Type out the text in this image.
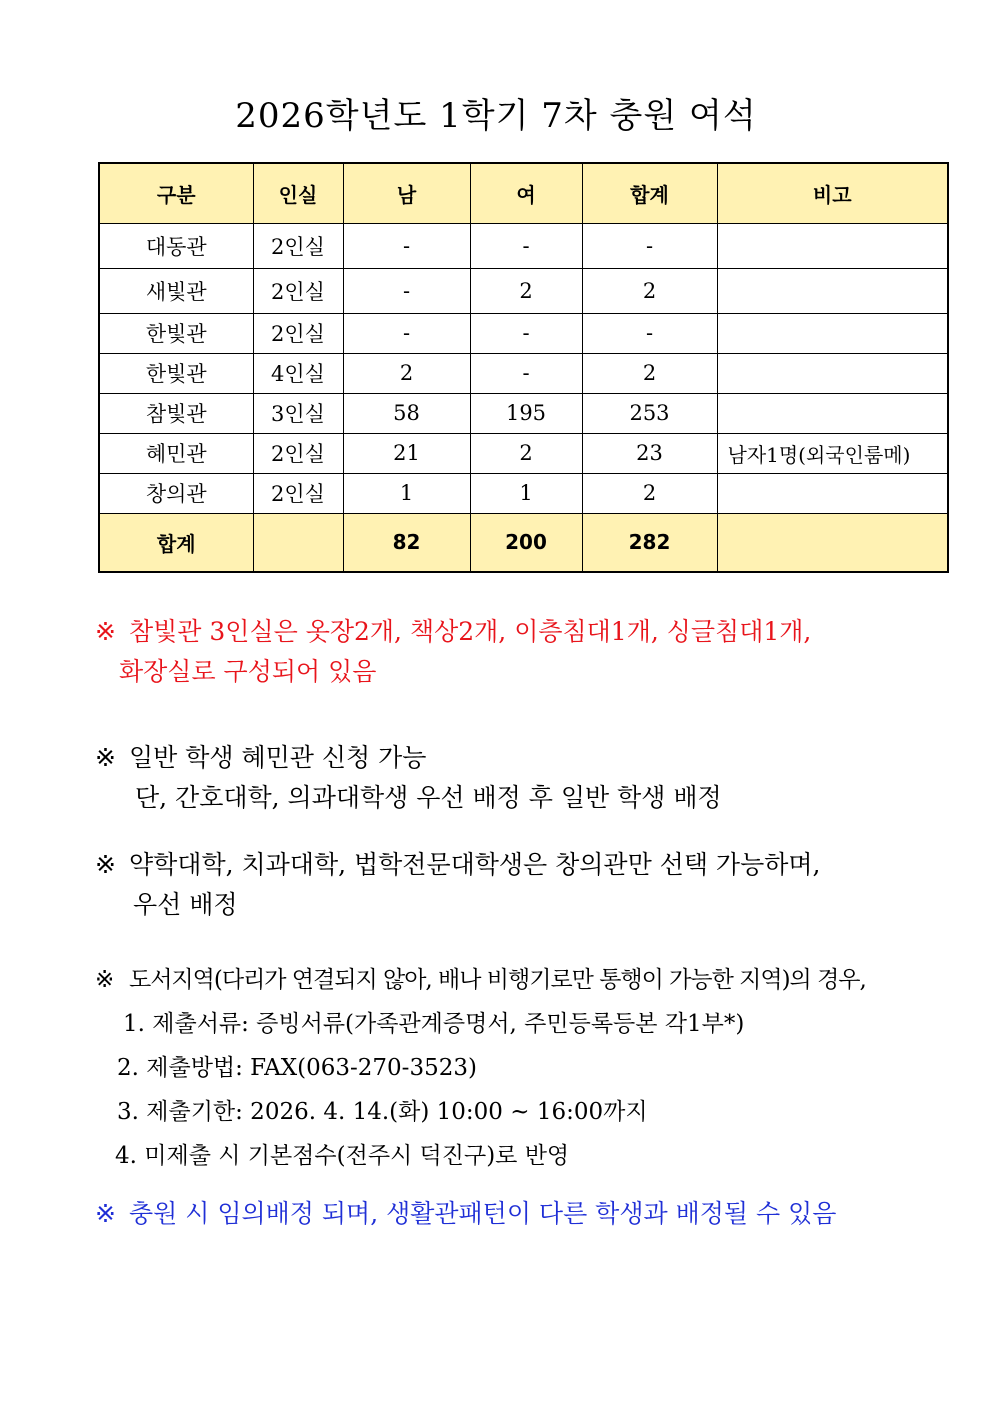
2026학년도 1학기 7차 충원 여석
구분	인실	남	여	합계	비고
대동관	2인실	-	-	-	
새빛관	2인실	-	2	2	
한빛관	2인실	-	-	-	
한빛관	4인실	2	-	2	
참빛관	3인실	58	195	253	
혜민관	2인실	21	2	23	남자1명(외국인룸메)
창의관	2인실	1	1	2	
합계		82	200	282	
※ 참빛관 3인실은 옷장2개, 책상2개, 이층침대1개, 싱글침대1개,
화장실로 구성되어 있음
※ 일반 학생 혜민관 신청 가능
단, 간호대학, 의과대학생 우선 배정 후 일반 학생 배정
※ 약학대학, 치과대학, 법학전문대학생은 창의관만 선택 가능하며,
우선 배정
※ 도서지역(다리가 연결되지 않아, 배나 비행기로만 통행이 가능한 지역)의 경우,
1. 제출서류: 증빙서류(가족관계증명서, 주민등록등본 각1부*)
2. 제출방법: FAX(063-270-3523)
3. 제출기한: 2026. 4. 14.(화) 10:00 ~ 16:00까지
4. 미제출 시 기본점수(전주시 덕진구)로 반영
※ 충원 시 임의배정 되며, 생활관패턴이 다른 학생과 배정될 수 있음
